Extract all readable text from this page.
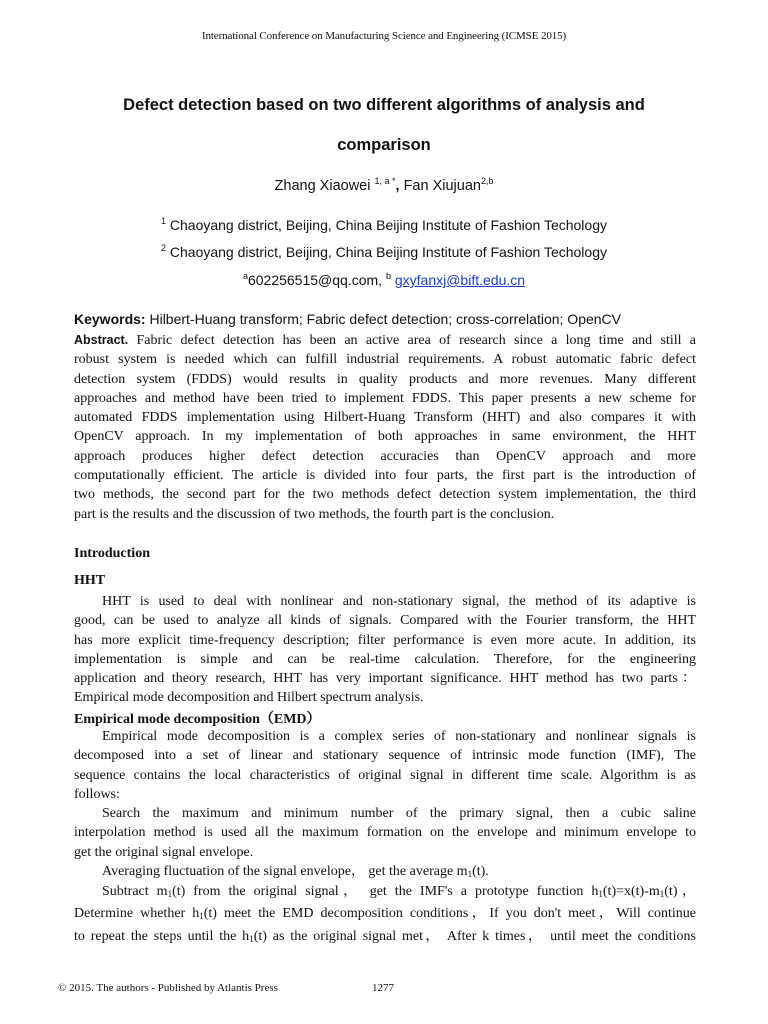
International Conference on Manufacturing Science and Engineering (ICMSE 2015)
Defect detection based on two different algorithms of analysis and
comparison
Zhang Xiaowei $^{1, a *}$, Fan Xiujuan$^{2,b}$
$^1$ Chaoyang district, Beijing, China Beijing Institute of Fashion Techology
$^2$ Chaoyang district, Beijing, China Beijing Institute of Fashion Techology
$^a$602256515@qq.com, $^b$ gxyfanxj@bift.edu.cn
Keywords: Hilbert-Huang transform; Fabric defect detection; cross-correlation; OpenCV
Abstract. Fabric defect detection has been an active area of research since a long time and still a
robust system is needed which can fulfill industrial requirements. A robust automatic fabric defect
detection system (FDDS) would results in quality products and more revenues. Many different
approaches and method have been tried to implement FDDS. This paper presents a new scheme for
automated FDDS implementation using Hilbert-Huang Transform (HHT) and also compares it with
OpenCV approach. In my implementation of both approaches in same environment, the HHT
approach produces higher defect detection accuracies than OpenCV approach and more
computationally efficient. The article is divided into four parts, the first part is the introduction of
two methods, the second part for the two methods defect detection system implementation, the third
part is the results and the discussion of two methods, the fourth part is the conclusion.
Introduction
HHT
HHT is used to deal with nonlinear and non-stationary signal, the method of its adaptive is
good, can be used to analyze all kinds of signals. Compared with the Fourier transform, the HHT
has more explicit time-frequency description; filter performance is even more acute. In addition, its
implementation is simple and can be real-time calculation. Therefore, for the engineering
application and theory research, HHT has very important significance. HHT method has two parts：
Empirical mode decomposition and Hilbert spectrum analysis.
Empirical mode decomposition（EMD）
Empirical mode decomposition is a complex series of non-stationary and nonlinear signals is
decomposed into a set of linear and stationary sequence of intrinsic mode function (IMF), The
sequence contains the local characteristics of original signal in different time scale. Algorithm is as
follows:
Search the maximum and minimum number of the primary signal, then a cubic saline
interpolation method is used all the maximum formation on the envelope and minimum envelope to
get the original signal envelope.
Averaging fluctuation of the signal envelope， get the average $m_1(t)$.
Subtract $m_1(t)$ from the original signal， get the IMF's a prototype function $h_1(t)=x(t)-m_1(t)$，
Determine whether $h_1(t)$ meet the EMD decomposition conditions，If you don't meet，Will continue
to repeat the steps until the $h_1(t)$ as the original signal met， After k times， until meet the conditions
© 2015. The authors - Published by Atlantis Press	1277
